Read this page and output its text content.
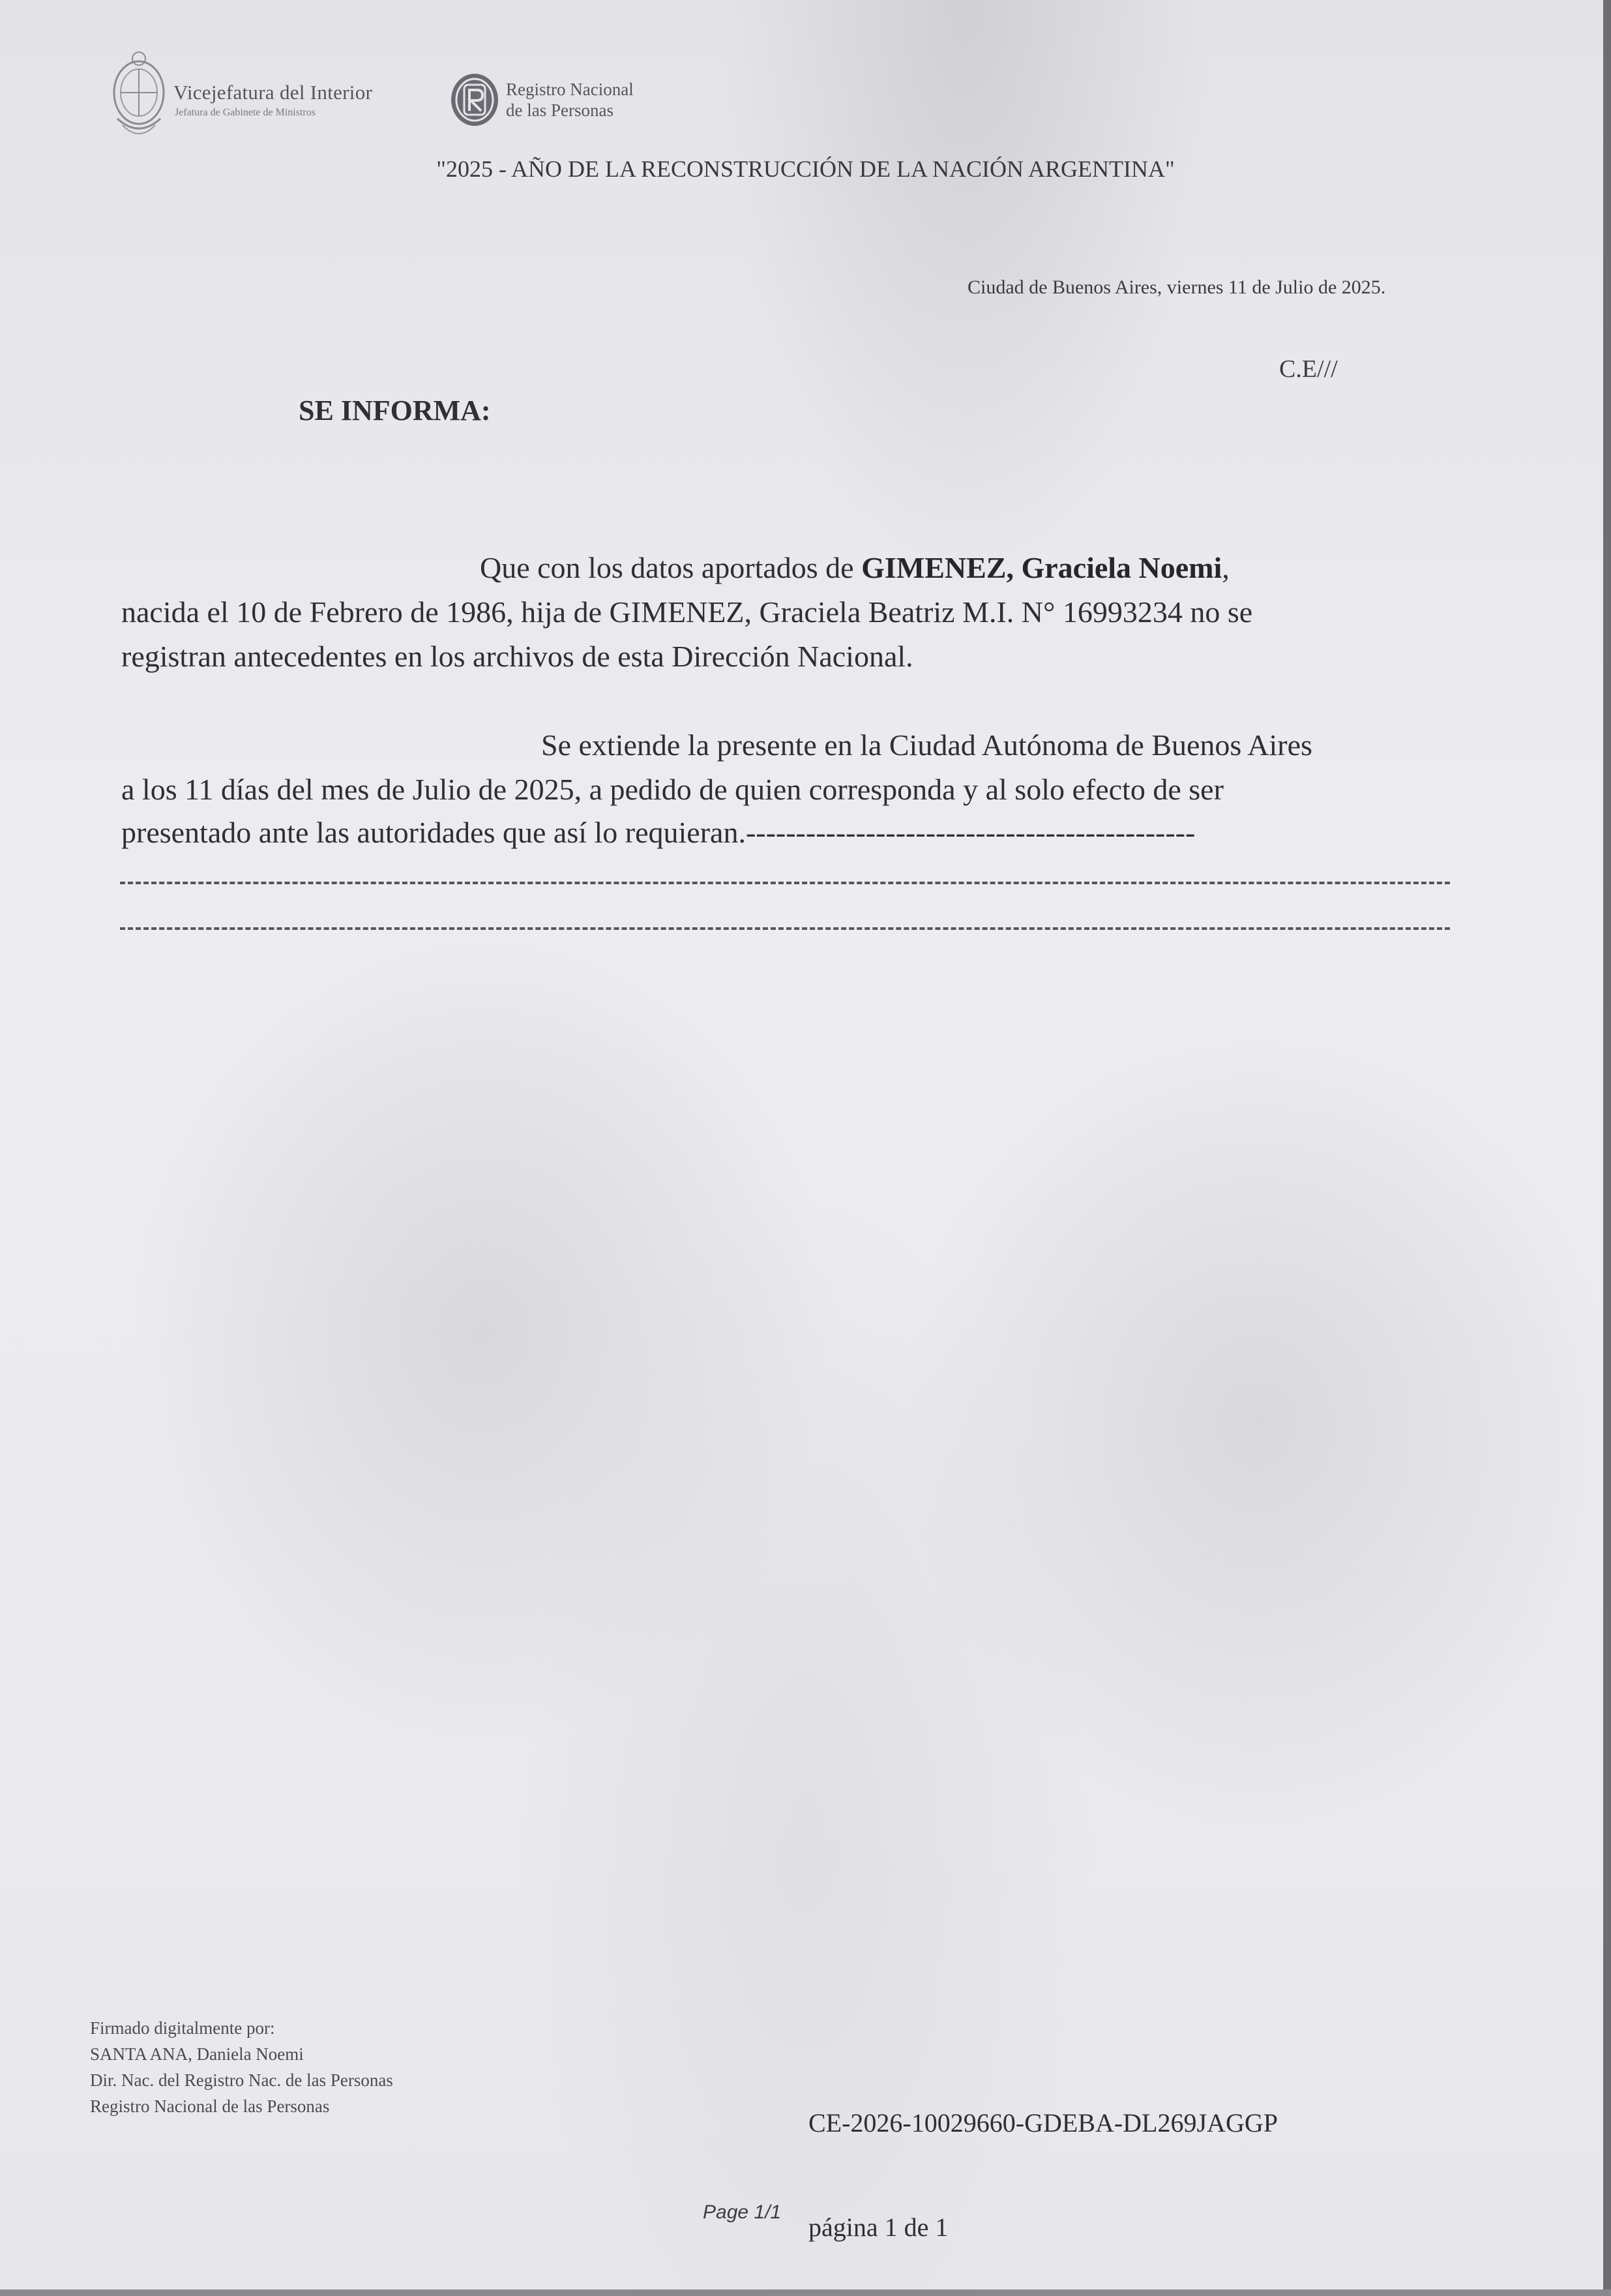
Vicejefatura del Interior
Jefatura de Gabinete de Ministros
Registro Nacional
de las Personas
"2025 - AÑO DE LA RECONSTRUCCIÓN DE LA NACIÓN ARGENTINA"
Ciudad de Buenos Aires, viernes 11 de Julio de 2025.
C.E///
SE INFORMA:
Que con los datos aportados de GIMENEZ, Graciela Noemi,
nacida el 10 de Febrero de 1986, hija de GIMENEZ, Graciela Beatriz M.I. N° 16993234 no se
registran antecedentes en los archivos de esta Dirección Nacional.
Se extiende la presente en la Ciudad Autónoma de Buenos Aires
a los 11 días del mes de Julio de 2025, a pedido de quien corresponda y al solo efecto de ser
presentado ante las autoridades que así lo requieran.---------------------------------------------
Firmado digitalmente por:
SANTA ANA, Daniela Noemi
Dir. Nac. del Registro Nac. de las Personas
Registro Nacional de las Personas
CE-2026-10029660-GDEBA-DL269JAGGP
Page 1/1
página 1 de 1
